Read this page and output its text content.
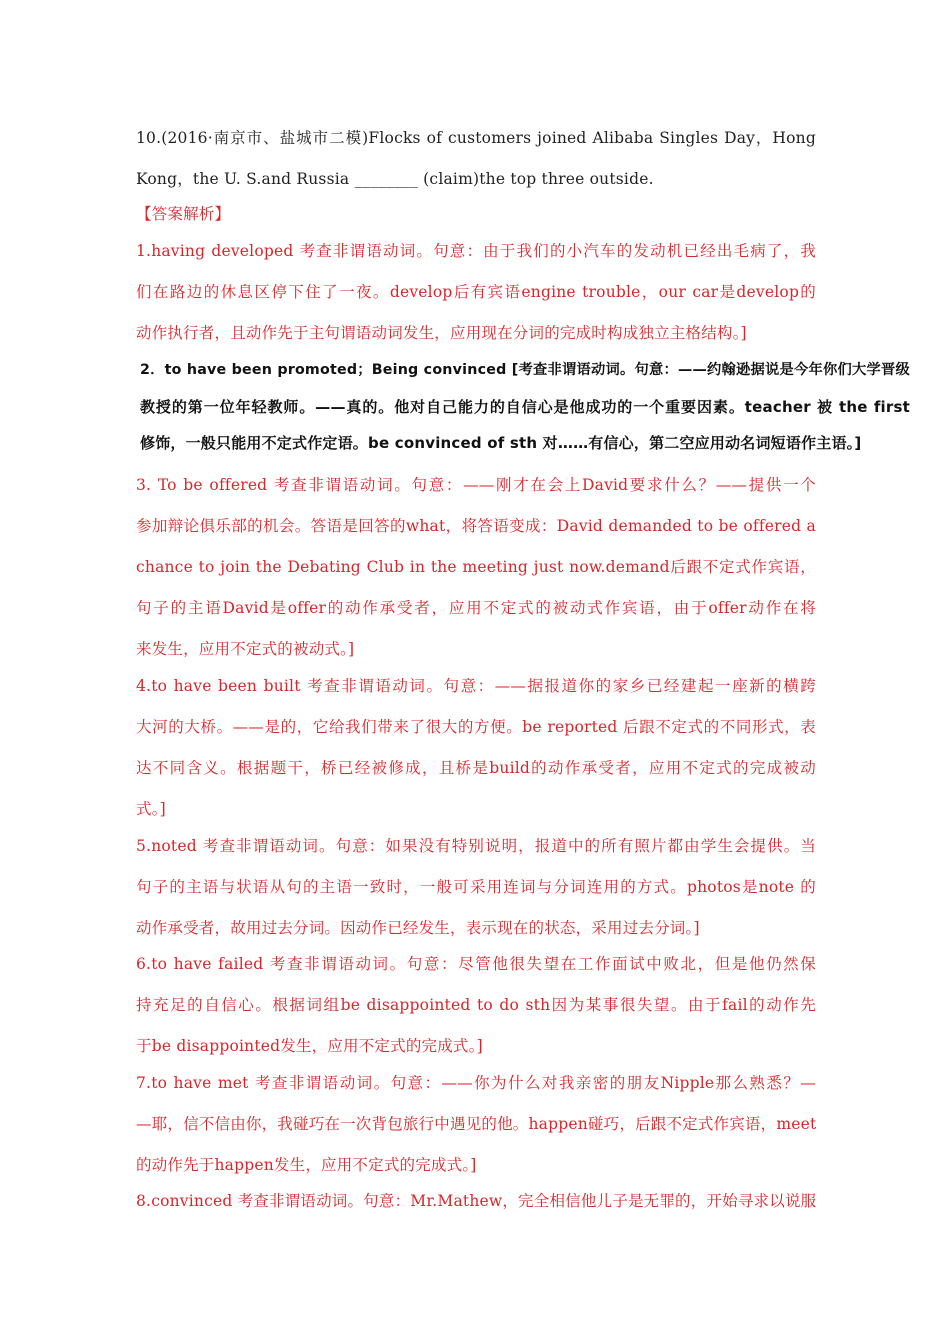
10.(2016·南京市、盐城市二模)Flocks of customers joined Alibaba Singles Day，Hong
Kong，the U. S.and Russia ________ (claim)the top three outside.
【答案解析】
1.having developed 考查非谓语动词。句意：由于我们的小汽车的发动机已经出毛病了，我
们在路边的休息区停下住了一夜。develop后有宾语engine trouble，our car是develop的
动作执行者，且动作先于主句谓语动词发生，应用现在分词的完成时构成独立主格结构。]
2．to have been promoted；Being convinced [考查非谓语动词。句意：——约翰逊据说是今年你们大学晋级
教授的第一位年轻教师。——真的。他对自己能力的自信心是他成功的一个重要因素。teacher 被 the first
修饰，一般只能用不定式作定语。be convinced of sth 对……有信心，第二空应用动名词短语作主语。]
3. To be offered 考查非谓语动词。句意：——刚才在会上David要求什么？——提供一个
参加辩论俱乐部的机会。答语是回答的what，将答语变成：David demanded to be offered a
chance to join the Debating Club in the meeting just now.demand后跟不定式作宾语，
句子的主语David是offer的动作承受者，应用不定式的被动式作宾语，由于offer动作在将
来发生，应用不定式的被动式。]
4.to have been built 考查非谓语动词。句意：——据报道你的家乡已经建起一座新的横跨
大河的大桥。——是的，它给我们带来了很大的方便。be reported 后跟不定式的不同形式，表
达不同含义。根据题干，桥已经被修成，且桥是build的动作承受者，应用不定式的完成被动
式。]
5.noted 考查非谓语动词。句意：如果没有特别说明，报道中的所有照片都由学生会提供。当
句子的主语与状语从句的主语一致时，一般可采用连词与分词连用的方式。photos是note 的
动作承受者，故用过去分词。因动作已经发生，表示现在的状态，采用过去分词。]
6.to have failed 考查非谓语动词。句意：尽管他很失望在工作面试中败北，但是他仍然保
持充足的自信心。根据词组be disappointed to do sth因为某事很失望。由于fail的动作先
于be disappointed发生，应用不定式的完成式。]
7.to have met 考查非谓语动词。句意：——你为什么对我亲密的朋友Nipple那么熟悉？—
—耶，信不信由你，我碰巧在一次背包旅行中遇见的他。happen碰巧，后跟不定式作宾语，meet
的动作先于happen发生，应用不定式的完成式。]
8.convinced 考查非谓语动词。句意：Mr.Mathew，完全相信他儿子是无罪的，开始寻求以说服
